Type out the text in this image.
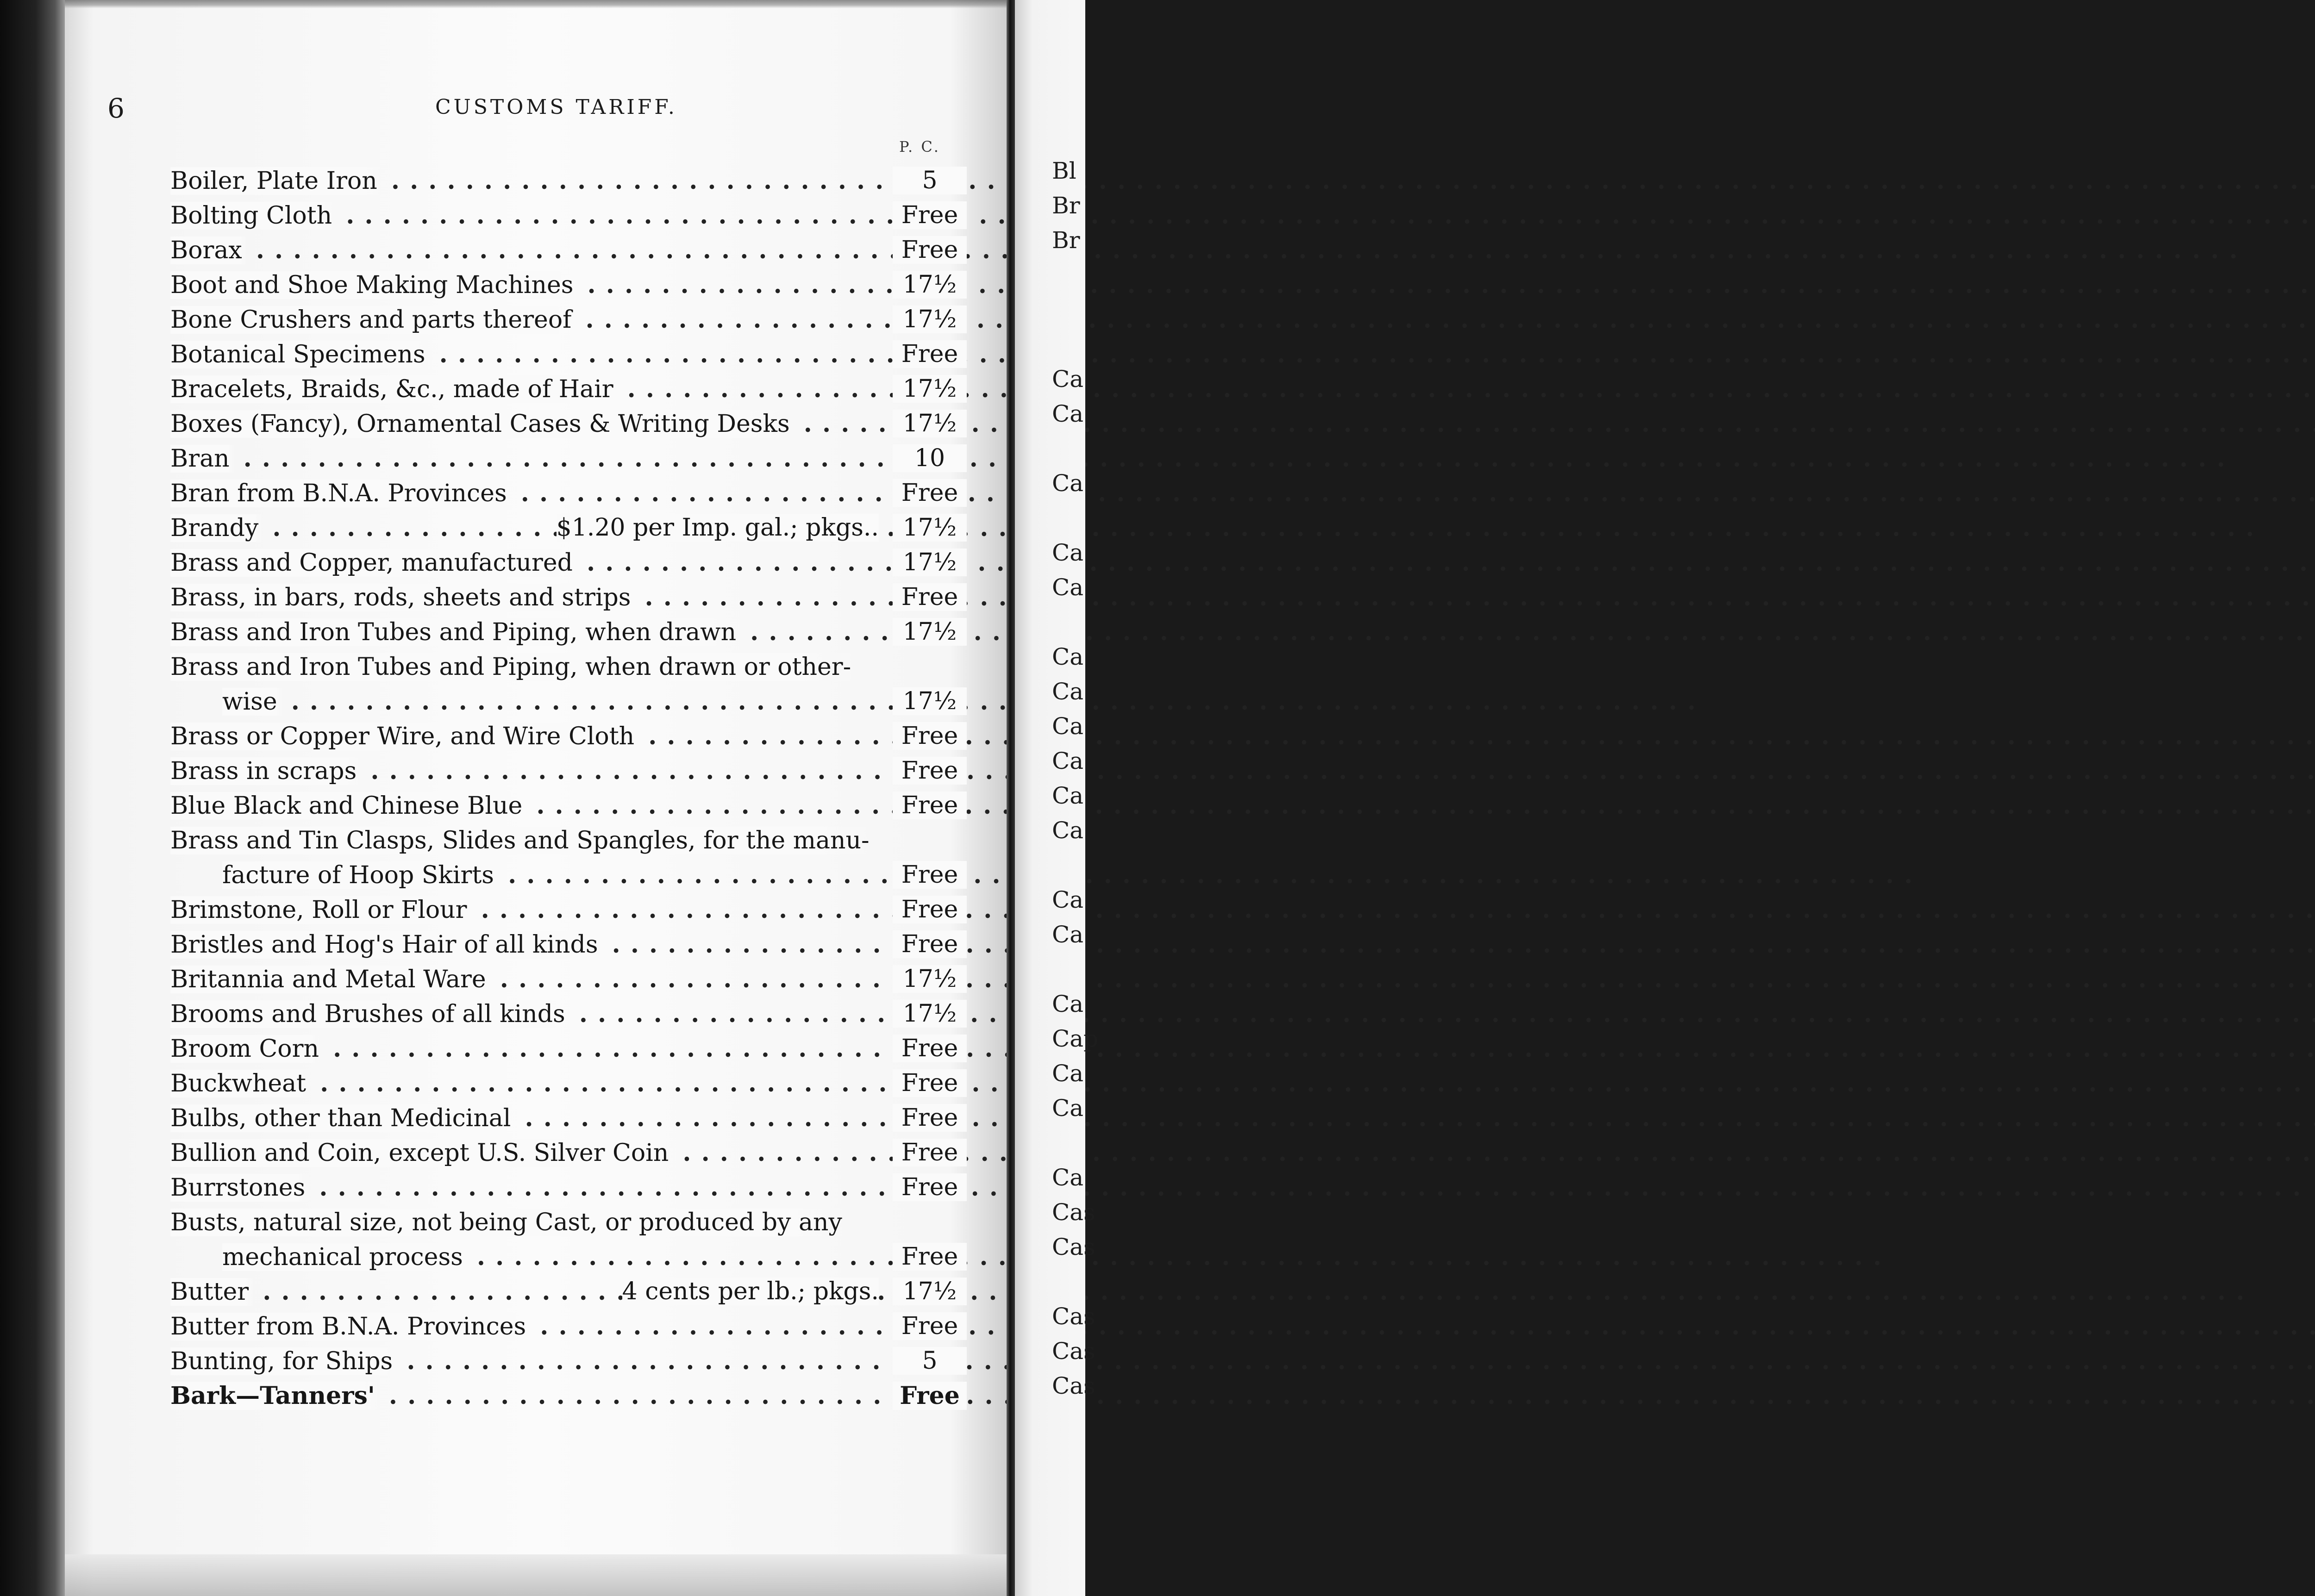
6	CUSTOMS TARIFF.
P. C.
Boiler, Plate Iron . . .	5
Bolting Cloth . . .	Free
Borax . . .	Free
Boot and Shoe Making Machines . . .	17½
Bone Crushers and parts thereof . . .	17½
Botanical Specimens . . .	Free
Bracelets, Braids, &c., made of Hair . . .	17½
Boxes (Fancy), Ornamental Cases & Writing Desks . . .	17½
Bran . . .	10
Bran from B.N.A. Provinces . . .	Free
Brandy . . .	$1.20 per Imp. gal.; pkgs.. 17½
Brass and Copper, manufactured . . .	17½
Brass, in bars, rods, sheets and strips . . .	Free
Brass and Iron Tubes and Piping, when drawn . . .	17½
Brass and Iron Tubes and Piping, when drawn or other-
wise . . .	17½
Brass or Copper Wire, and Wire Cloth . . .	Free
Brass in scraps . . .	Free
Blue Black and Chinese Blue . . .	Free
Brass and Tin Clasps, Slides and Spangles, for the manu-
facture of Hoop Skirts . . .	Free
Brimstone, Roll or Flour . . .	Free
Bristles and Hog's Hair of all kinds . . .	Free
Britannia and Metal Ware . . .	17½
Brooms and Brushes of all kinds . . .	17½
Broom Corn . . .	Free
Buckwheat . . .	Free
Bulbs, other than Medicinal . . .	Free
Bullion and Coin, except U.S. Silver Coin . . .	Free
Burrstones . . .	Free
Busts, natural size, not being Cast, or produced by any
mechanical process . . .	Free
Butter . . .	4 cents per lb.; pkgs. 17½
Butter from B.N.A. Provinces . . .	Free
Bunting, for Ships . . .	5
Bark—Tanners' . . .	Free
Bl
Br
Br
Ca
Ca
Ca
Ca
Ca
Ca
Ca
Ca
Ca
Ca
Ca
Ca
Ca
Ca
Cap
Ca
Ca
Ca
Cas
Cas
Cas
Cas
Cas
